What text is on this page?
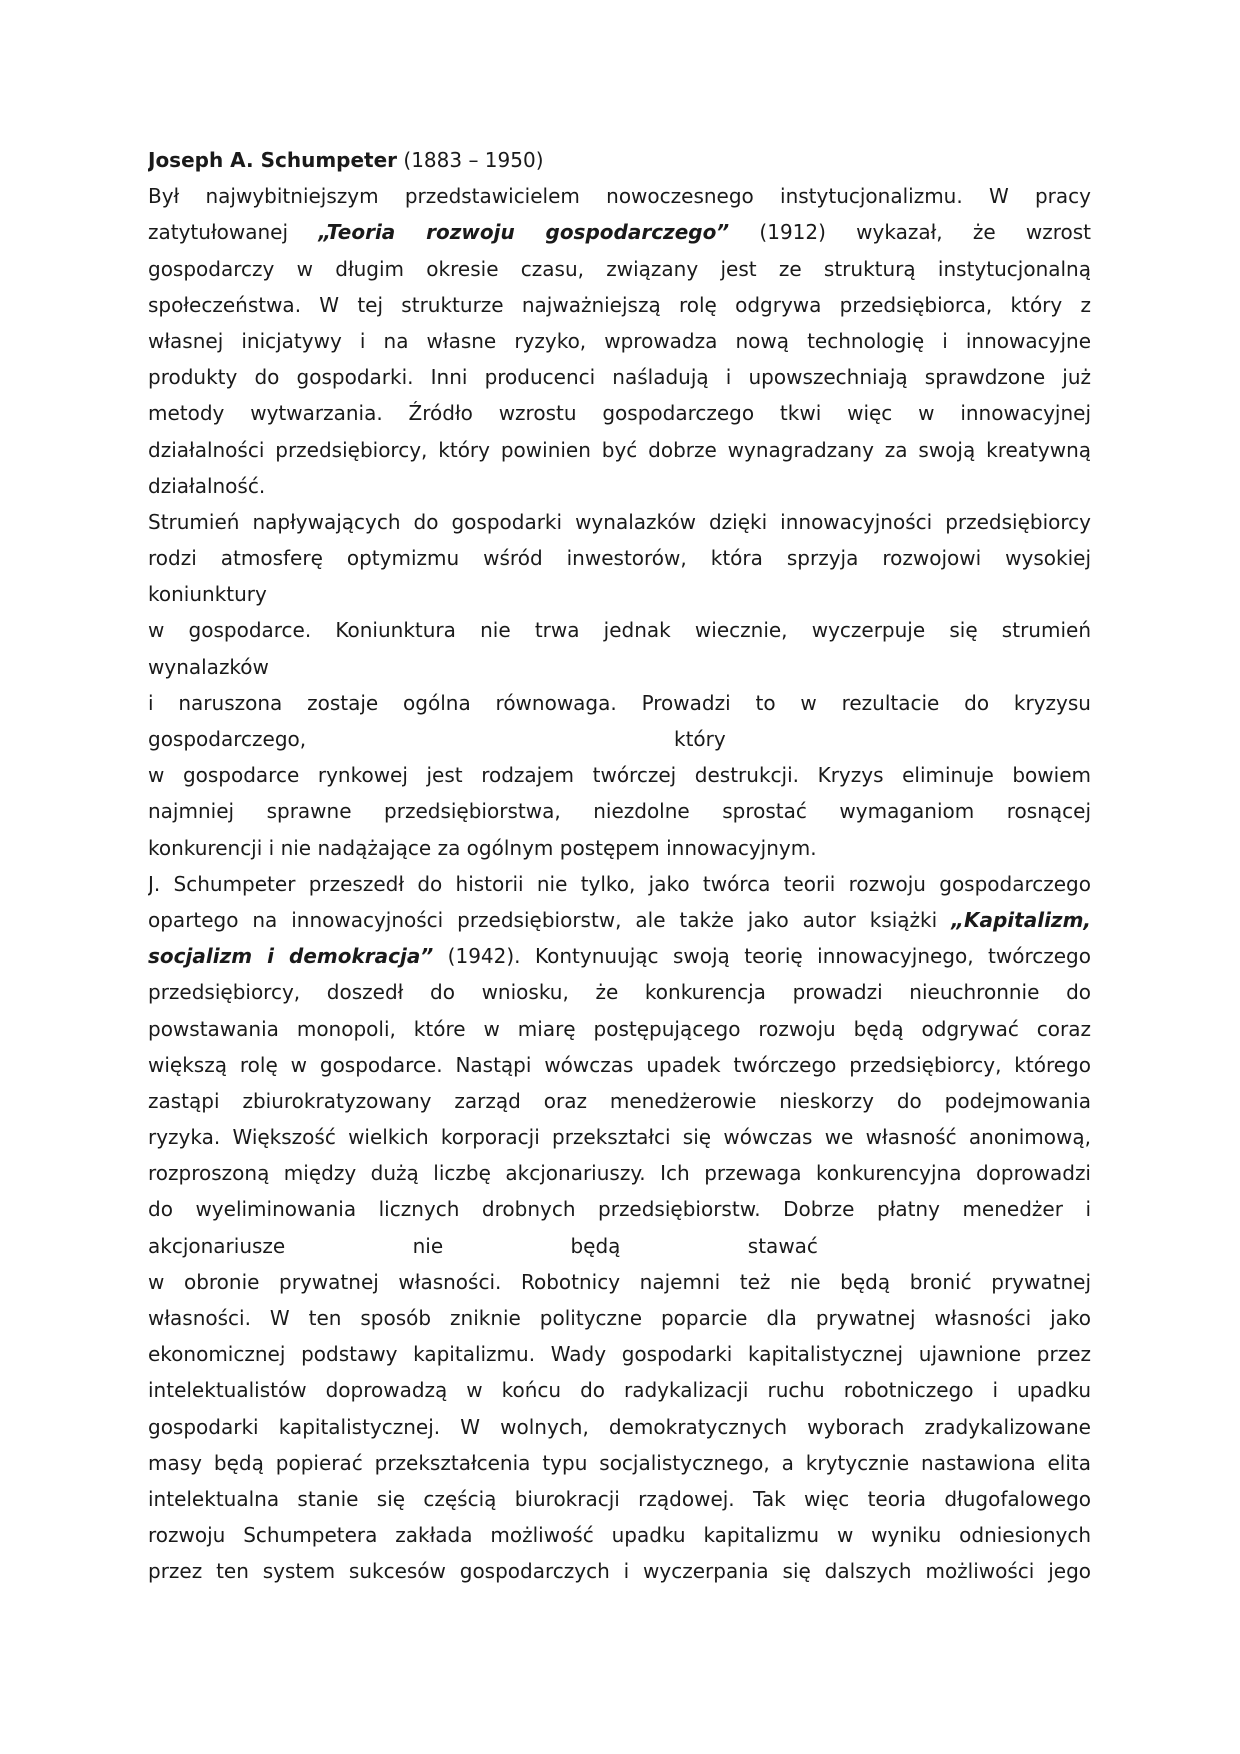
Joseph A. Schumpeter (1883 – 1950)
Był najwybitniejszym przedstawicielem nowoczesnego instytucjonalizmu. W pracy
zatytułowanej „Teoria rozwoju gospodarczego” (1912) wykazał, że wzrost
gospodarczy w długim okresie czasu, związany jest ze strukturą instytucjonalną
społeczeństwa. W tej strukturze najważniejszą rolę odgrywa przedsiębiorca, który z
własnej inicjatywy i na własne ryzyko, wprowadza nową technologię i innowacyjne
produkty do gospodarki. Inni producenci naśladują i upowszechniają sprawdzone już
metody wytwarzania. Źródło wzrostu gospodarczego tkwi więc w innowacyjnej
działalności przedsiębiorcy, który powinien być dobrze wynagradzany za swoją kreatywną
działalność.
Strumień napływających do gospodarki wynalazków dzięki innowacyjności przedsiębiorcy
rodzi atmosferę optymizmu wśród inwestorów, która sprzyja rozwojowi wysokiej
koniunktury
w gospodarce. Koniunktura nie trwa jednak wiecznie, wyczerpuje się strumień
wynalazków
i naruszona zostaje ogólna równowaga. Prowadzi to w rezultacie do kryzysu
gospodarczego,	który
w gospodarce rynkowej jest rodzajem twórczej destrukcji. Kryzys eliminuje bowiem
najmniej sprawne przedsiębiorstwa, niezdolne sprostać wymaganiom rosnącej
konkurencji i nie nadążające za ogólnym postępem innowacyjnym.
J. Schumpeter przeszedł do historii nie tylko, jako twórca teorii rozwoju gospodarczego
opartego na innowacyjności przedsiębiorstw, ale także jako autor książki „Kapitalizm,
socjalizm i demokracja” (1942). Kontynuując swoją teorię innowacyjnego, twórczego
przedsiębiorcy, doszedł do wniosku, że konkurencja prowadzi nieuchronnie do
powstawania monopoli, które w miarę postępującego rozwoju będą odgrywać coraz
większą rolę w gospodarce. Nastąpi wówczas upadek twórczego przedsiębiorcy, którego
zastąpi zbiurokratyzowany zarząd oraz menedżerowie nieskorzy do podejmowania
ryzyka. Większość wielkich korporacji przekształci się wówczas we własność anonimową,
rozproszoną między dużą liczbę akcjonariuszy. Ich przewaga konkurencyjna doprowadzi
do wyeliminowania licznych drobnych przedsiębiorstw. Dobrze płatny menedżer i
akcjonariusze nie będą stawać
w obronie prywatnej własności. Robotnicy najemni też nie będą bronić prywatnej
własności. W ten sposób zniknie polityczne poparcie dla prywatnej własności jako
ekonomicznej podstawy kapitalizmu. Wady gospodarki kapitalistycznej ujawnione przez
intelektualistów doprowadzą w końcu do radykalizacji ruchu robotniczego i upadku
gospodarki kapitalistycznej. W wolnych, demokratycznych wyborach zradykalizowane
masy będą popierać przekształcenia typu socjalistycznego, a krytycznie nastawiona elita
intelektualna stanie się częścią biurokracji rządowej. Tak więc teoria długofalowego
rozwoju Schumpetera zakłada możliwość upadku kapitalizmu w wyniku odniesionych
przez ten system sukcesów gospodarczych i wyczerpania się dalszych możliwości jego
